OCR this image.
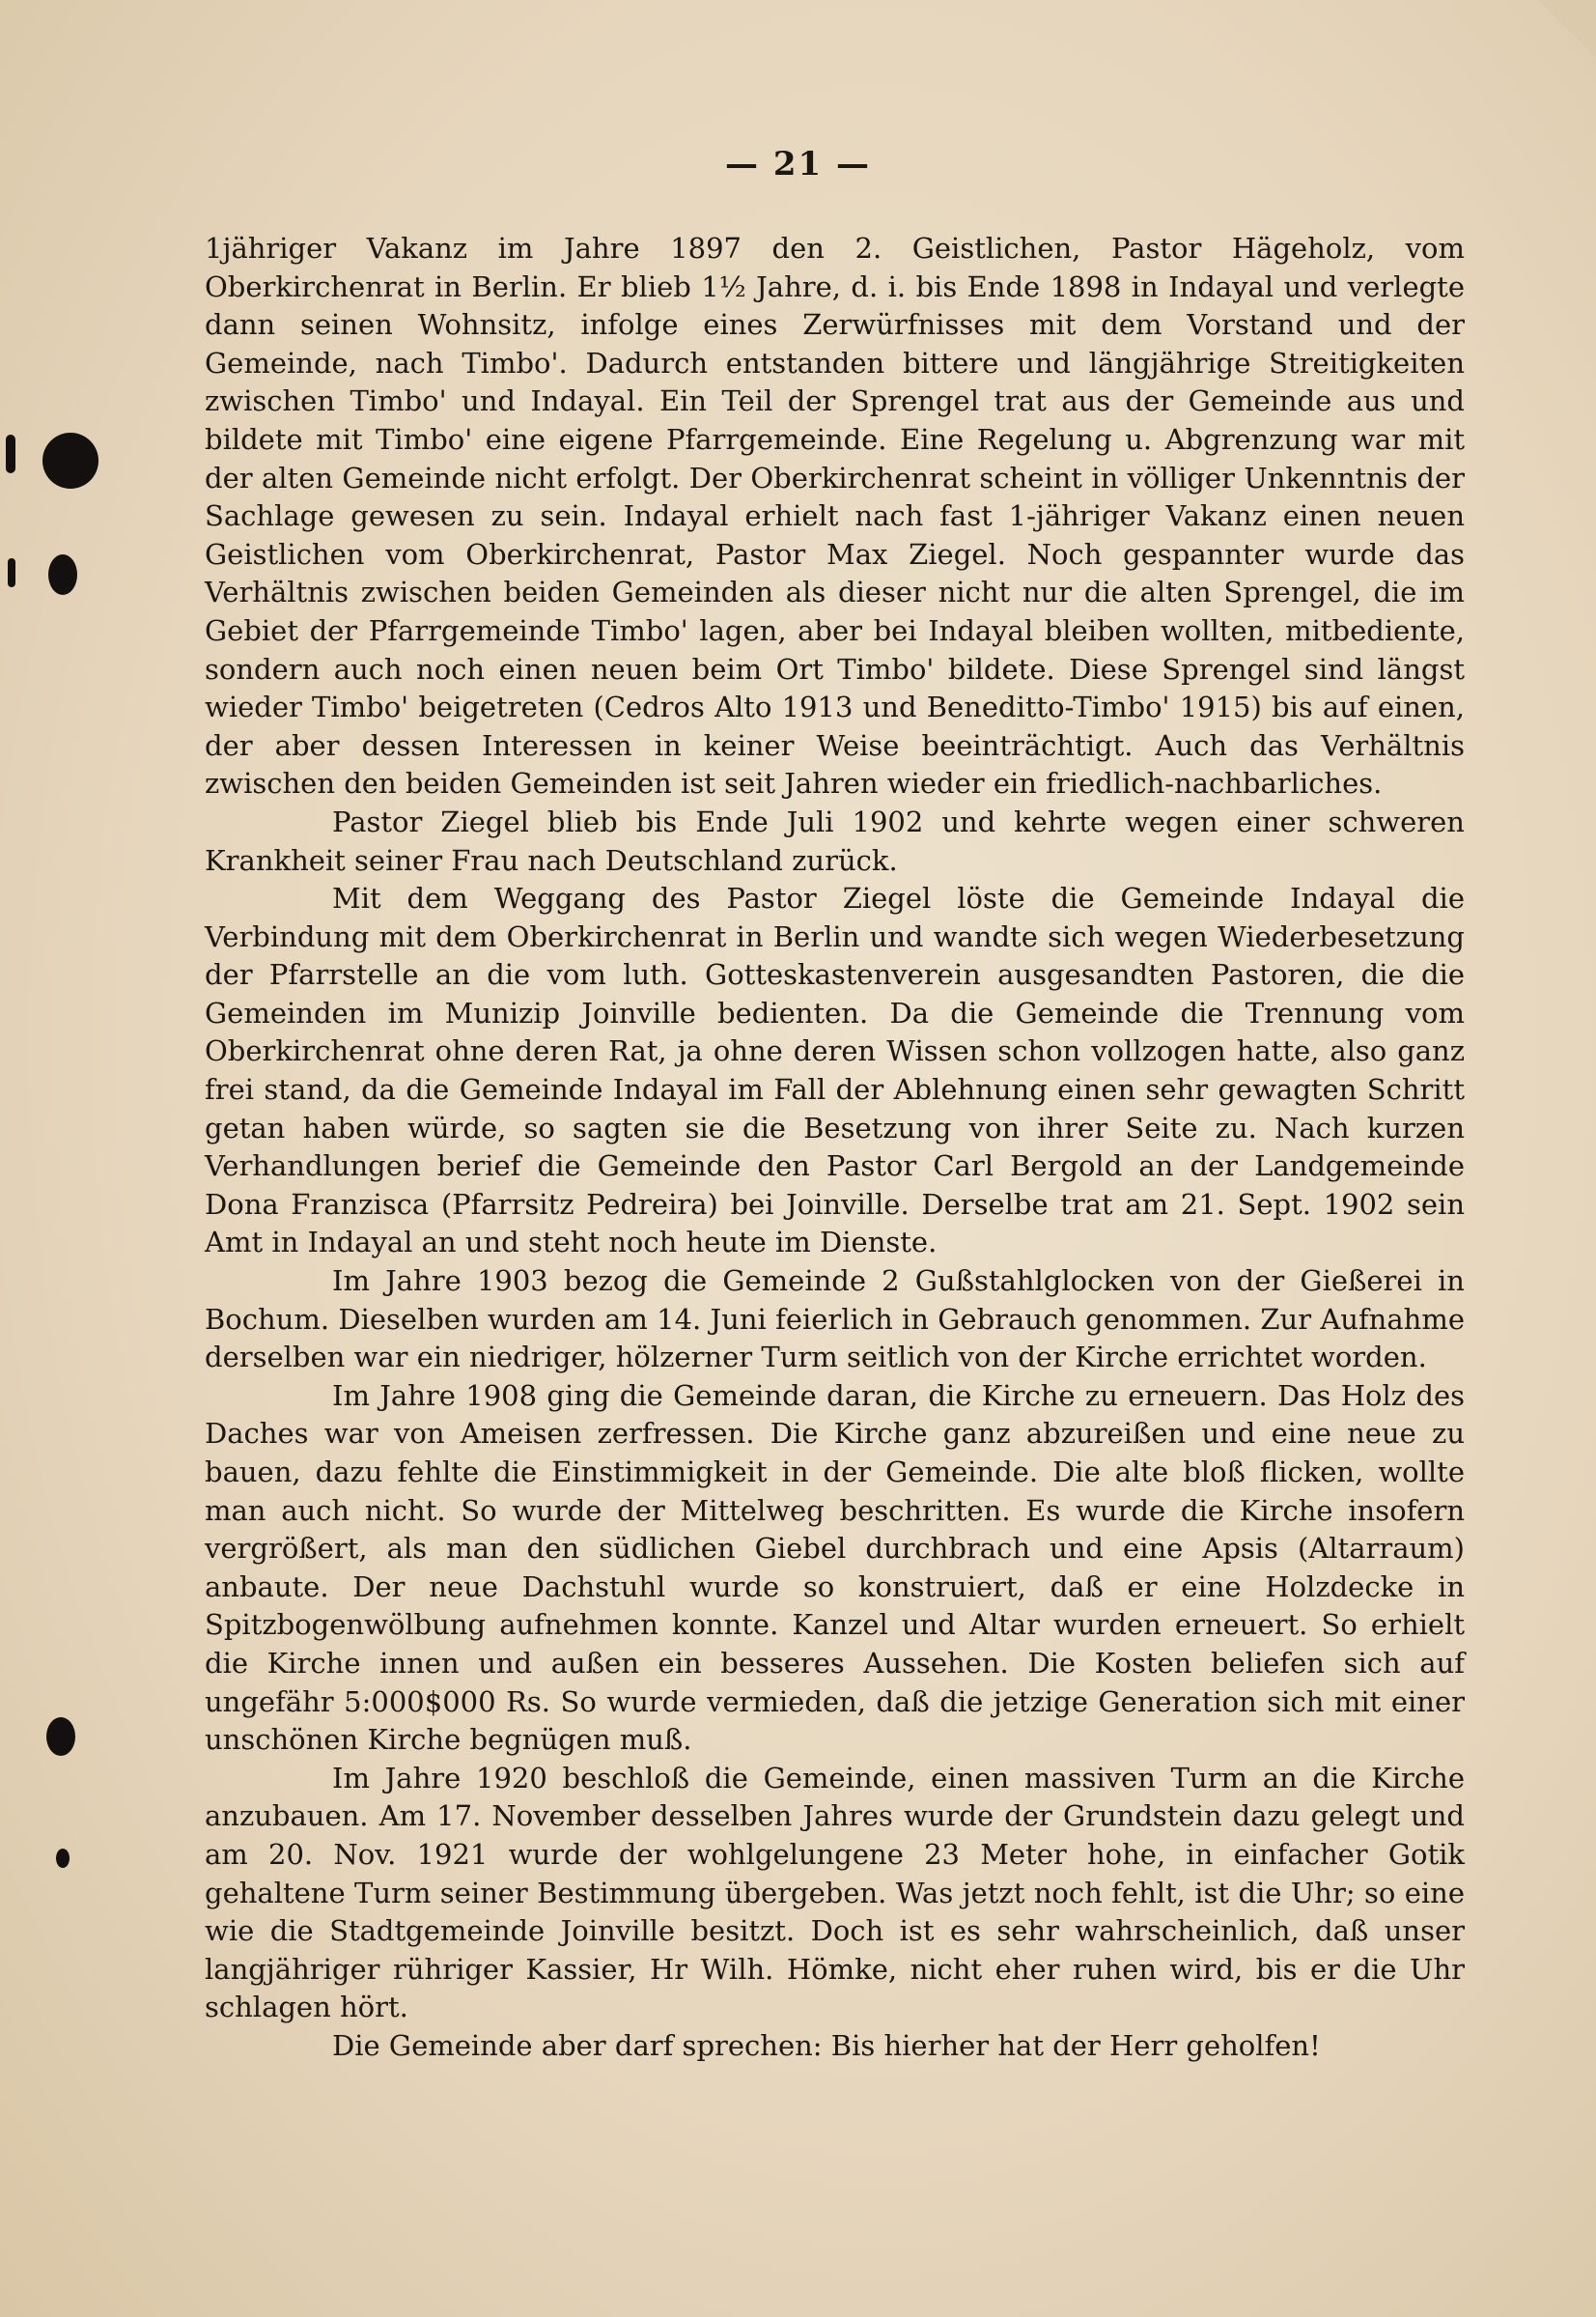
— 21 —

1jähriger Vakanz im Jahre 1897 den 2. Geistlichen, Pastor Hägeholz, vom Oberkirchenrat in Berlin. Er blieb 1½ Jahre, d. i. bis Ende 1898 in Indayal und verlegte dann seinen Wohnsitz, infolge eines Zerwürfnisses mit dem Vorstand und der Gemeinde, nach Timbo'. Dadurch entstanden bittere und längjährige Streitigkeiten zwischen Timbo' und Indayal. Ein Teil der Sprengel trat aus der Gemeinde aus und bildete mit Timbo' eine eigene Pfarrgemeinde. Eine Regelung u. Abgrenzung war mit der alten Gemeinde nicht erfolgt. Der Oberkirchenrat scheint in völliger Unkenntnis der Sachlage gewesen zu sein. Indayal erhielt nach fast 1-jähriger Vakanz einen neuen Geistlichen vom Oberkirchenrat, Pastor Max Ziegel. Noch gespannter wurde das Verhältnis zwischen beiden Gemeinden als dieser nicht nur die alten Sprengel, die im Gebiet der Pfarrgemeinde Timbo' lagen, aber bei Indayal bleiben wollten, mitbediente, sondern auch noch einen neuen beim Ort Timbo' bildete. Diese Sprengel sind längst wieder Timbo' beigetreten (Cedros Alto 1913 und Beneditto-Timbo' 1915) bis auf einen, der aber dessen Interessen in keiner Weise beeinträchtigt. Auch das Verhältnis zwischen den beiden Gemeinden ist seit Jahren wieder ein friedlich-nachbarliches.

Pastor Ziegel blieb bis Ende Juli 1902 und kehrte wegen einer schweren Krankheit seiner Frau nach Deutschland zurück.

Mit dem Weggang des Pastor Ziegel löste die Gemeinde Indayal die Verbindung mit dem Oberkirchenrat in Berlin und wandte sich wegen Wiederbesetzung der Pfarrstelle an die vom luth. Gotteskastenverein ausgesandten Pastoren, die die Gemeinden im Munizip Joinville bedienten. Da die Gemeinde die Trennung vom Oberkirchenrat ohne deren Rat, ja ohne deren Wissen schon vollzogen hatte, also ganz frei stand, da die Gemeinde Indayal im Fall der Ablehnung einen sehr gewagten Schritt getan haben würde, so sagten sie die Besetzung von ihrer Seite zu. Nach kurzen Verhandlungen berief die Gemeinde den Pastor Carl Bergold an der Landgemeinde Dona Franzisca (Pfarrsitz Pedreira) bei Joinville. Derselbe trat am 21. Sept. 1902 sein Amt in Indayal an und steht noch heute im Dienste.

Im Jahre 1903 bezog die Gemeinde 2 Gußstahlglocken von der Gießerei in Bochum. Dieselben wurden am 14. Juni feierlich in Gebrauch genommen. Zur Aufnahme derselben war ein niedriger, hölzerner Turm seitlich von der Kirche errichtet worden.

Im Jahre 1908 ging die Gemeinde daran, die Kirche zu erneuern. Das Holz des Daches war von Ameisen zerfressen. Die Kirche ganz abzureißen und eine neue zu bauen, dazu fehlte die Einstimmigkeit in der Gemeinde. Die alte bloß flicken, wollte man auch nicht. So wurde der Mittelweg beschritten. Es wurde die Kirche insofern vergrößert, als man den südlichen Giebel durchbrach und eine Apsis (Altarraum) anbaute. Der neue Dachstuhl wurde so konstruiert, daß er eine Holzdecke in Spitzbogenwölbung aufnehmen konnte. Kanzel und Altar wurden erneuert. So erhielt die Kirche innen und außen ein besseres Aussehen. Die Kosten beliefen sich auf ungefähr 5:000$000 Rs. So wurde vermieden, daß die jetzige Generation sich mit einer unschönen Kirche begnügen muß.

Im Jahre 1920 beschloß die Gemeinde, einen massiven Turm an die Kirche anzubauen. Am 17. November desselben Jahres wurde der Grundstein dazu gelegt und am 20. Nov. 1921 wurde der wohlgelungene 23 Meter hohe, in einfacher Gotik gehaltene Turm seiner Bestimmung übergeben. Was jetzt noch fehlt, ist die Uhr; so eine wie die Stadtgemeinde Joinville besitzt. Doch ist es sehr wahrscheinlich, daß unser langjähriger rühriger Kassier, Hr Wilh. Hömke, nicht eher ruhen wird, bis er die Uhr schlagen hört.

Die Gemeinde aber darf sprechen: Bis hierher hat der Herr geholfen!
